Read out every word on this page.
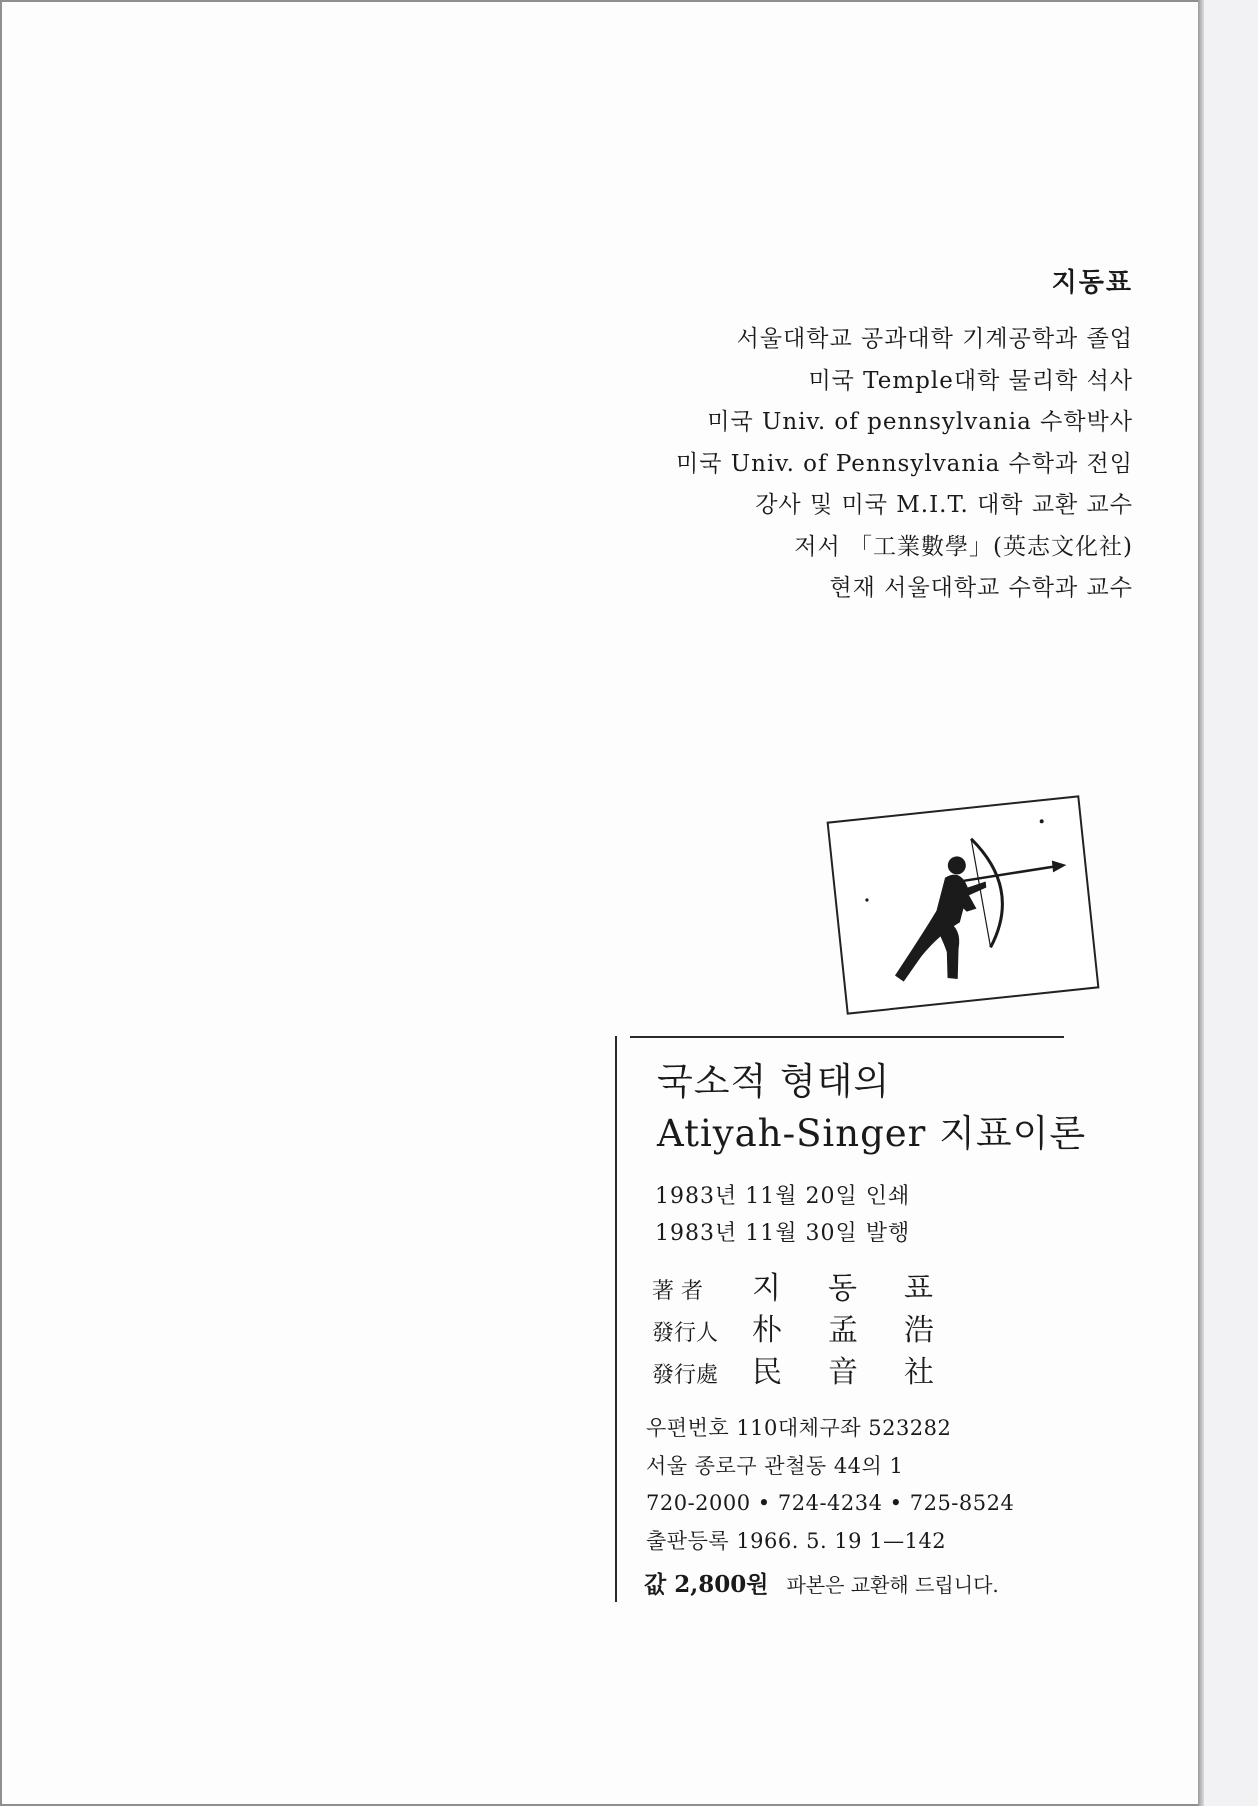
지동표
서울대학교 공과대학 기계공학과 졸업
미국 Temple대학 물리학 석사
미국 Univ. of pennsylvania 수학박사
미국 Univ. of Pennsylvania 수학과 전임
강사 및 미국 M.I.T. 대학 교환 교수
저서 「工業數學」(英志文化社)
현재 서울대학교 수학과 교수
국소적 형태의
Atiyah-Singer 지표이론
1983년 11월 20일 인쇄
1983년 11월 30일 발행
著 者 지 동 표
發行人 朴 孟 浩
發行處 民 音 社
우편번호 110대체구좌 523282
서울 종로구 관철동 44의 1
720-2000 • 724-4234 • 725-8524
출판등록 1966. 5. 19 1—142
값 2,800원 파본은 교환해 드립니다.
